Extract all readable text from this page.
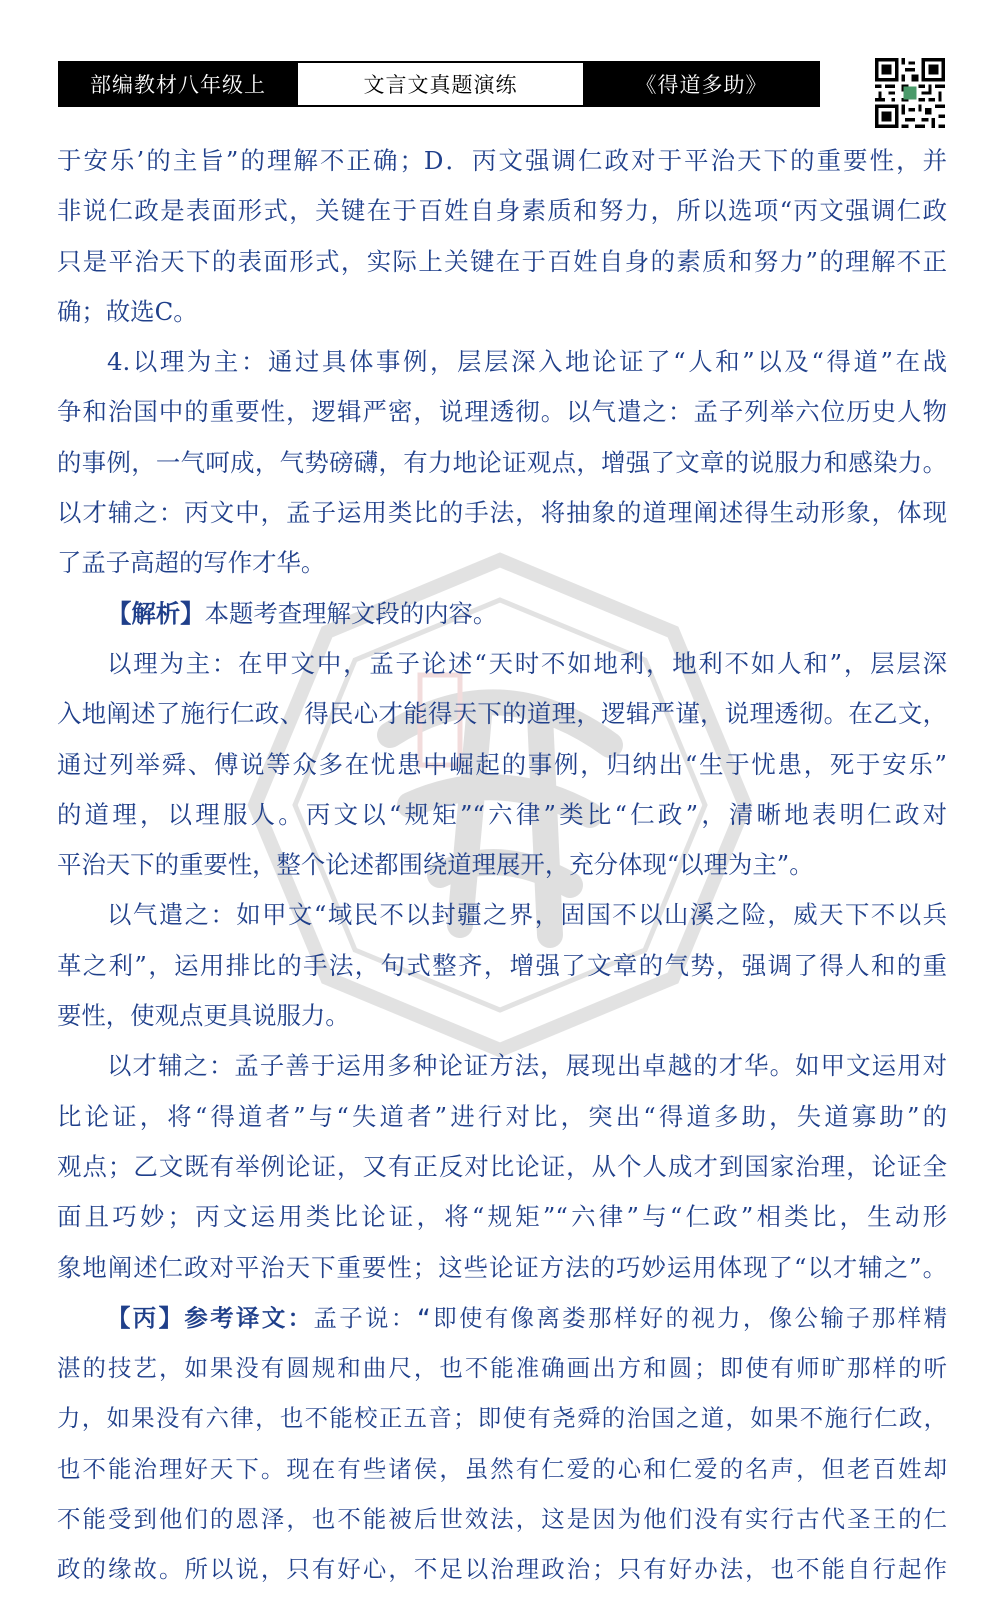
部编教材八年级上	文言文真题演练	《得道多助》
于安乐’的主旨”的理解不正确；D．丙文强调仁政对于平治天下的重要性，并
非说仁政是表面形式，关键在于百姓自身素质和努力，所以选项“丙文强调仁政
只是平治天下的表面形式，实际上关键在于百姓自身的素质和努力”的理解不正
确；故选C。
4.以理为主：通过具体事例，层层深入地论证了“人和”以及“得道”在战
争和治国中的重要性，逻辑严密，说理透彻。以气遣之：孟子列举六位历史人物
的事例，一气呵成，气势磅礴，有力地论证观点，增强了文章的说服力和感染力。
以才辅之：丙文中，孟子运用类比的手法，将抽象的道理阐述得生动形象，体现
了孟子高超的写作才华。
【解析】本题考查理解文段的内容。
以理为主：在甲文中，孟子论述“天时不如地利，地利不如人和”，层层深
入地阐述了施行仁政、得民心才能得天下的道理，逻辑严谨，说理透彻。在乙文，
通过列举舜、傅说等众多在忧患中崛起的事例，归纳出“生于忧患，死于安乐”
的道理，以理服人。丙文以“规矩”“六律”类比“仁政”，清晰地表明仁政对
平治天下的重要性，整个论述都围绕道理展开，充分体现“以理为主”。
以气遣之：如甲文“域民不以封疆之界，固国不以山溪之险，威天下不以兵
革之利”，运用排比的手法，句式整齐，增强了文章的气势，强调了得人和的重
要性，使观点更具说服力。
以才辅之：孟子善于运用多种论证方法，展现出卓越的才华。如甲文运用对
比论证，将“得道者”与“失道者”进行对比，突出“得道多助，失道寡助”的
观点；乙文既有举例论证，又有正反对比论证，从个人成才到国家治理，论证全
面且巧妙；丙文运用类比论证，将“规矩”“六律”与“仁政”相类比，生动形
象地阐述仁政对平治天下重要性；这些论证方法的巧妙运用体现了“以才辅之”。
【丙】参考译文：孟子说：“即使有像离娄那样好的视力，像公输子那样精
湛的技艺，如果没有圆规和曲尺，也不能准确画出方和圆；即使有师旷那样的听
力，如果没有六律，也不能校正五音；即使有尧舜的治国之道，如果不施行仁政，
也不能治理好天下。现在有些诸侯，虽然有仁爱的心和仁爱的名声，但老百姓却
不能受到他们的恩泽，也不能被后世效法，这是因为他们没有实行古代圣王的仁
政的缘故。所以说，只有好心，不足以治理政治；只有好办法，也不能自行起作
